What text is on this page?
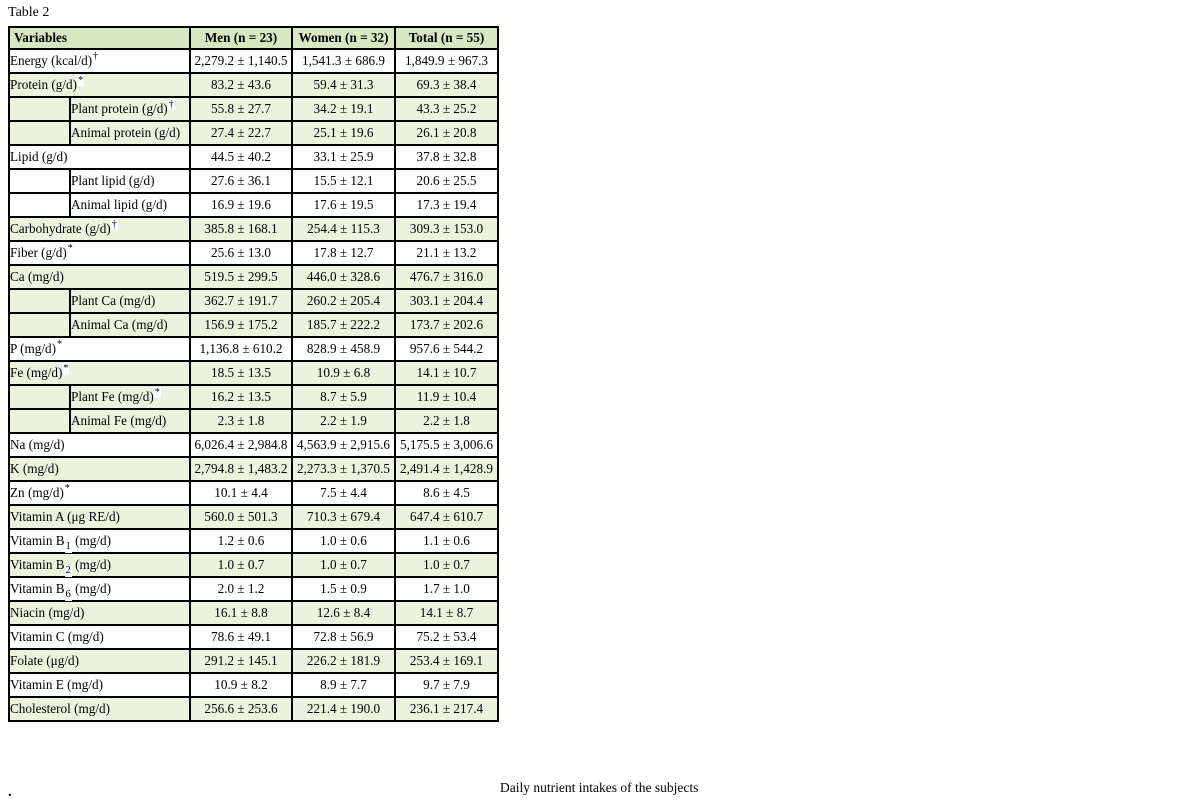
Table 2
Variables		Men (n = 23)	Women (n = 32)	Total (n = 55)
Energy (kcal/d)†		2,279.2 ± 1,140.5	1,541.3 ± 686.9	1,849.9 ± 967.3
Protein (g/d)*		83.2 ± 43.6	59.4 ± 31.3	69.3 ± 38.4
	Plant protein (g/d)†	55.8 ± 27.7	34.2 ± 19.1	43.3 ± 25.2
	Animal protein (g/d)	27.4 ± 22.7	25.1 ± 19.6	26.1 ± 20.8
Lipid (g/d)		44.5 ± 40.2	33.1 ± 25.9	37.8 ± 32.8
	Plant lipid (g/d)	27.6 ± 36.1	15.5 ± 12.1	20.6 ± 25.5
	Animal lipid (g/d)	16.9 ± 19.6	17.6 ± 19.5	17.3 ± 19.4
Carbohydrate (g/d)†		385.8 ± 168.1	254.4 ± 115.3	309.3 ± 153.0
Fiber (g/d)*		25.6 ± 13.0	17.8 ± 12.7	21.1 ± 13.2
Ca (mg/d)		519.5 ± 299.5	446.0 ± 328.6	476.7 ± 316.0
	Plant Ca (mg/d)	362.7 ± 191.7	260.2 ± 205.4	303.1 ± 204.4
	Animal Ca (mg/d)	156.9 ± 175.2	185.7 ± 222.2	173.7 ± 202.6
P (mg/d)*		1,136.8 ± 610.2	828.9 ± 458.9	957.6 ± 544.2
Fe (mg/d)*		18.5 ± 13.5	10.9 ± 6.8	14.1 ± 10.7
	Plant Fe (mg/d)*	16.2 ± 13.5	8.7 ± 5.9	11.9 ± 10.4
	Animal Fe (mg/d)	2.3 ± 1.8	2.2 ± 1.9	2.2 ± 1.8
Na (mg/d)		6,026.4 ± 2,984.8	4,563.9 ± 2,915.6	5,175.5 ± 3,006.6
K (mg/d)		2,794.8 ± 1,483.2	2,273.3 ± 1,370.5	2,491.4 ± 1,428.9
Zn (mg/d)*		10.1 ± 4.4	7.5 ± 4.4	8.6 ± 4.5
Vitamin A (μg RE/d)		560.0 ± 501.3	710.3 ± 679.4	647.4 ± 610.7
Vitamin $B_1$ (mg/d)		1.2 ± 0.6	1.0 ± 0.6	1.1 ± 0.6
Vitamin $B_2$ (mg/d)		1.0 ± 0.7	1.0 ± 0.7	1.0 ± 0.7
Vitamin $B_6$ (mg/d)		2.0 ± 1.2	1.5 ± 0.9	1.7 ± 1.0
Niacin (mg/d)		16.1 ± 8.8	12.6 ± 8.4	14.1 ± 8.7
Vitamin C (mg/d)		78.6 ± 49.1	72.8 ± 56.9	75.2 ± 53.4
Folate (μg/d)		291.2 ± 145.1	226.2 ± 181.9	253.4 ± 169.1
Vitamin E (mg/d)		10.9 ± 8.2	8.9 ± 7.7	9.7 ± 7.9
Cholesterol (mg/d)		256.6 ± 253.6	221.4 ± 190.0	236.1 ± 217.4
Daily nutrient intakes of the subjects
.
